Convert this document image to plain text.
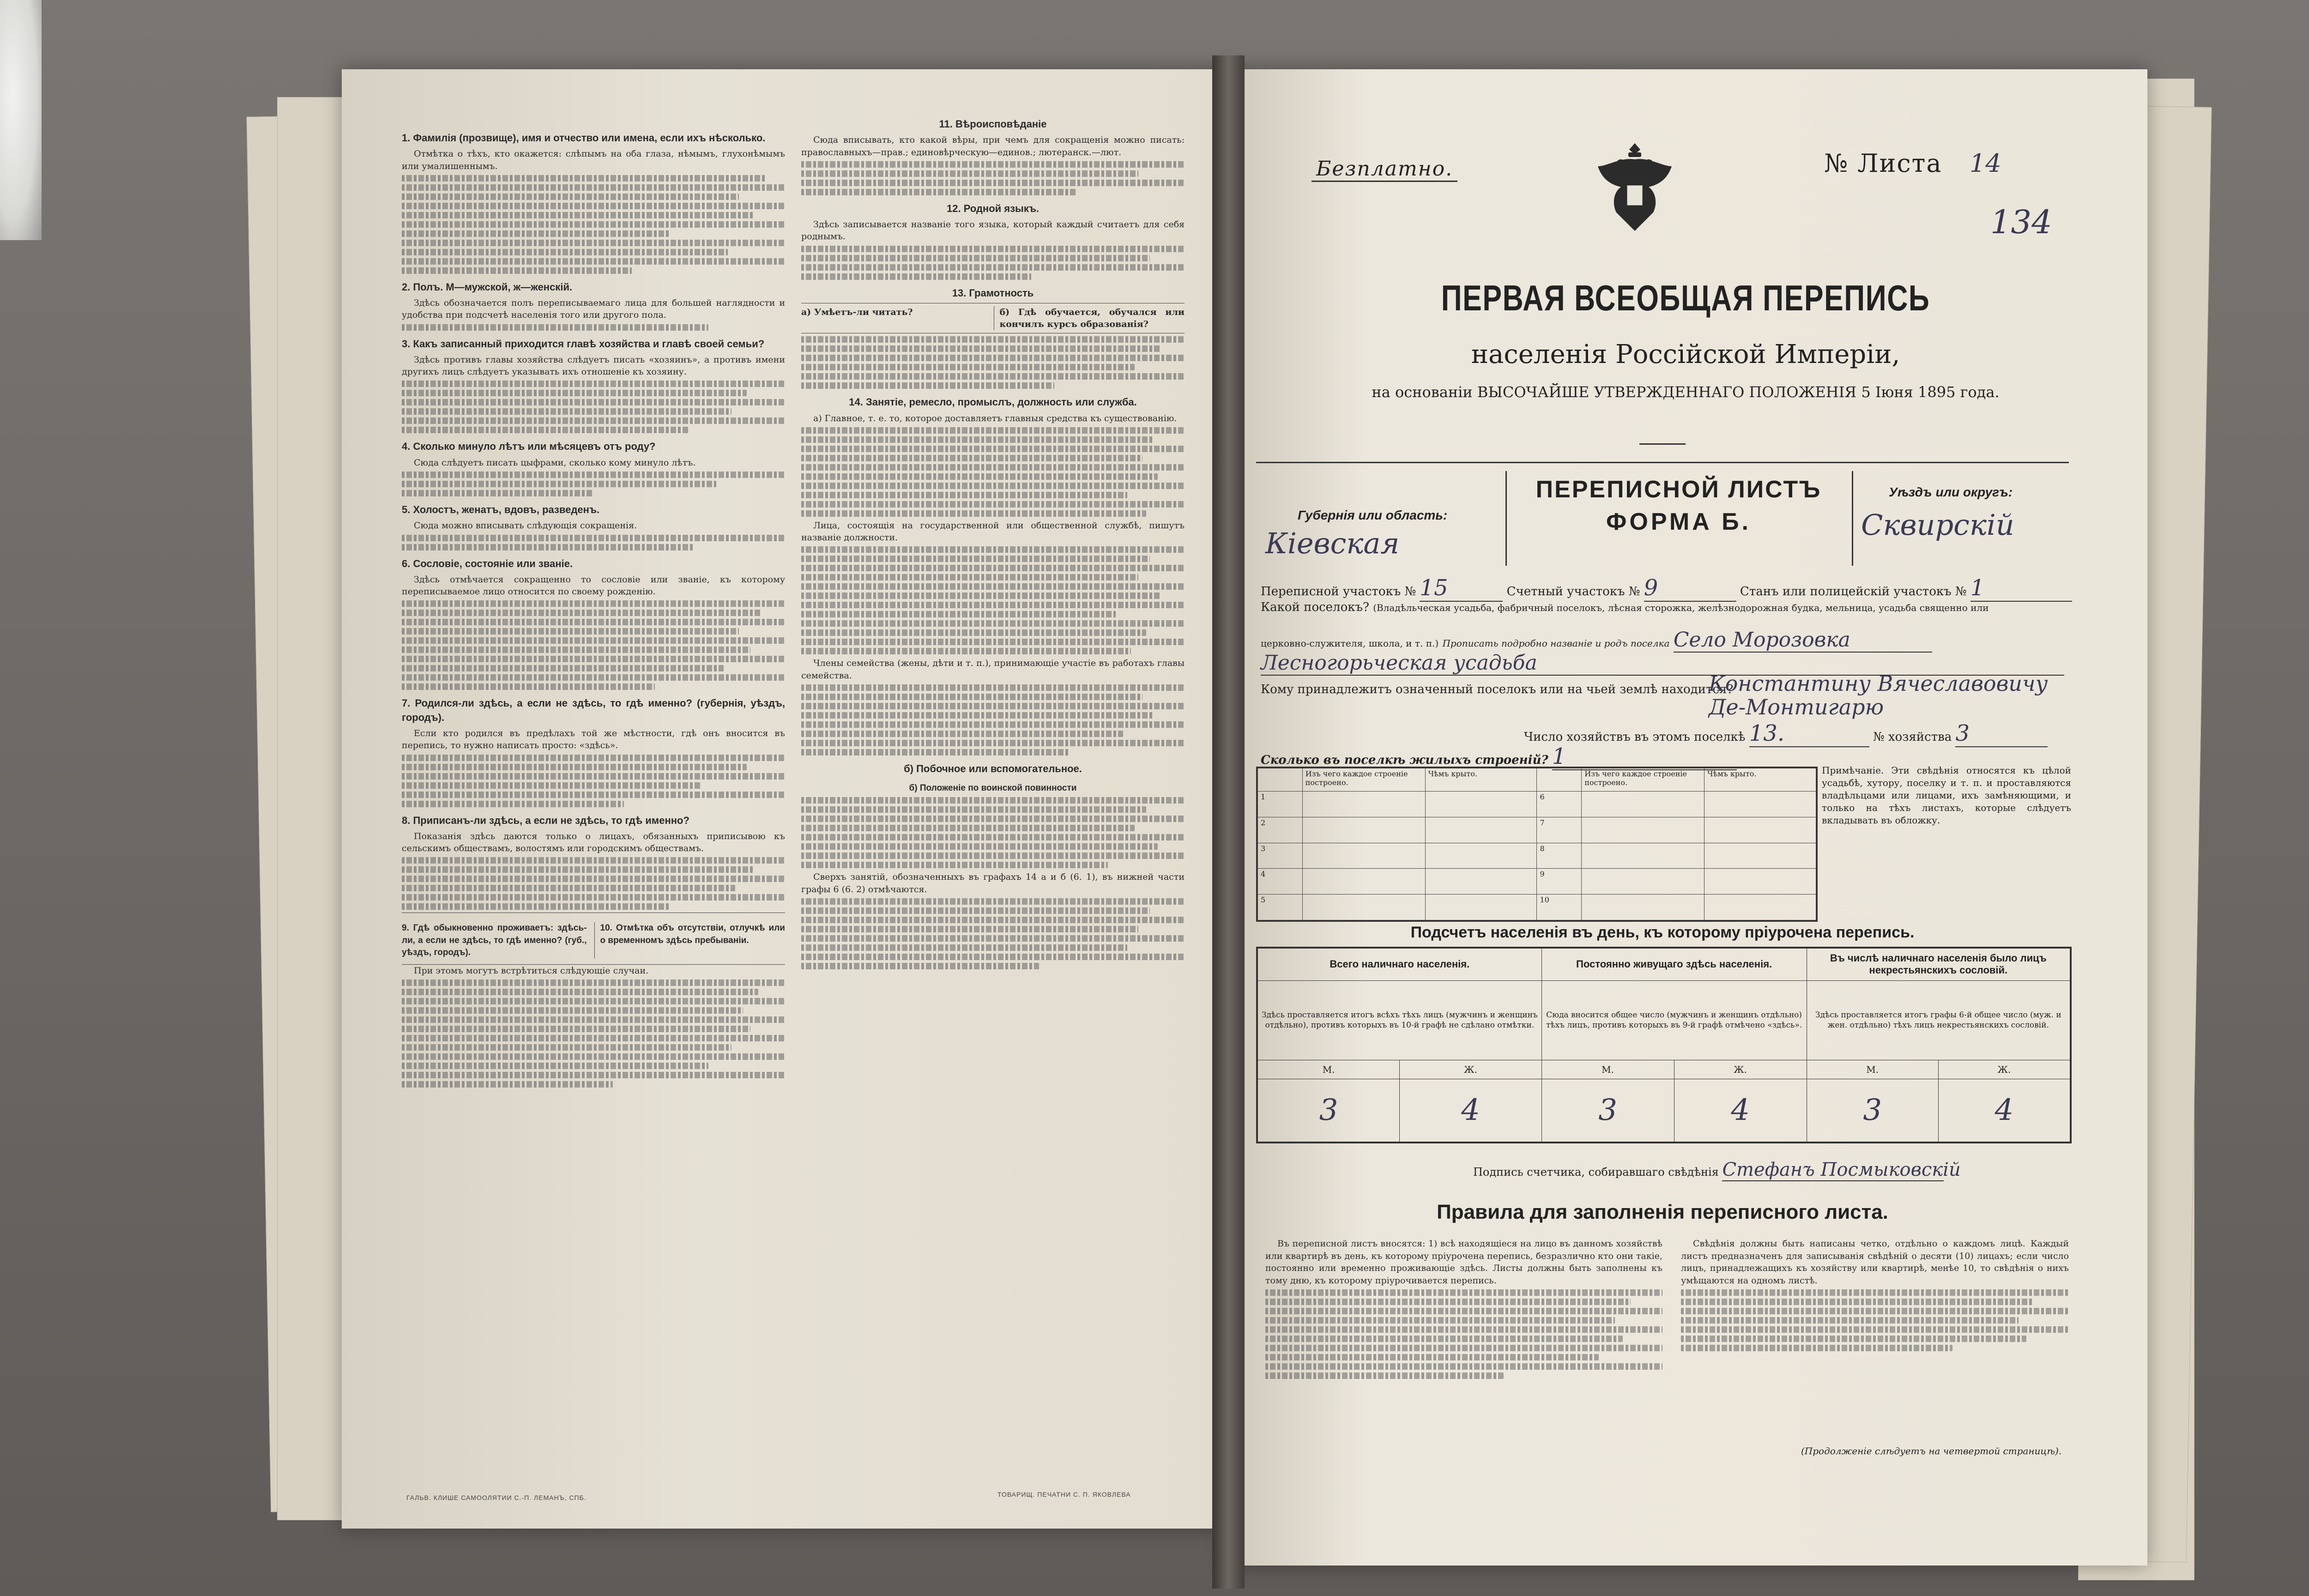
1. Фамилія (прозвище), имя и отчество или имена, если ихъ нѣсколько.

Отмѣтка о тѣхъ, кто окажется: слѣпымъ на оба глаза, нѣмымъ, глухонѣмымъ или умалишеннымъ.

2. Полъ. М—мужской, ж—женскій.

Здѣсь обозначается полъ переписываемаго лица для большей наглядности и удобства при подсчетѣ населенія того или другого пола.

3. Какъ записанный приходится главѣ хозяйства и главѣ своей семьи?

Здѣсь противъ главы хозяйства слѣдуетъ писать «хозяинъ», а противъ имени другихъ лицъ слѣдуетъ указывать ихъ отношеніе къ хозяину.

4. Сколько минуло лѣтъ или мѣсяцевъ отъ роду?

Сюда слѣдуетъ писать цыфрами, сколько кому минуло лѣтъ.

5. Холостъ, женатъ, вдовъ, разведенъ.

Сюда можно вписывать слѣдующія сокращенія.

6. Сословіе, состояніе или званіе.

Здѣсь отмѣчается сокращенно то сословіе или званіе, къ которому переписываемое лицо относится по своему рожденію.

7. Родился-ли здѣсь, а если не здѣсь, то гдѣ именно? (губернія, уѣздъ, городъ).

Если кто родился въ предѣлахъ той же мѣстности, гдѣ онъ вносится въ перепись, то нужно написать просто: «здѣсь».

8. Приписанъ-ли здѣсь, а если не здѣсь, то гдѣ именно?

Показанія здѣсь даются только о лицахъ, обязанныхъ приписывою къ сельскимъ обществамъ, волостямъ или городскимъ обществамъ.

9. Гдѣ обыкновенно проживаетъ: здѣсь-ли, а если не здѣсь, то гдѣ именно? (губ., уѣздъ, городъ).
10. Отмѣтка объ отсутствіи, отлучкѣ или о временномъ здѣсь пребываніи.

При этомъ могутъ встрѣтиться слѣдующіе случаи.

11. Вѣроисповѣданіе

Сюда вписывать, кто какой вѣры, при чемъ для сокращенія можно писать: православныхъ—прав.; единовѣрческую—единов.; лютеранск.—лют.

12. Родной языкъ.

Здѣсь записывается названіе того языка, который каждый считаетъ для себя роднымъ.

13. Грамотность
а) Умѣетъ-ли читать?	б) Гдѣ обучается, обучался или кончилъ курсъ образованія?
14. Занятіе, ремесло, промыслъ, должность или служба.

а) Главное, т. е. то, которое доставляетъ главныя средства къ существованію.

Лица, состоящія на государственной или общественной службѣ, пишутъ названіе должности.

Члены семейства (жены, дѣти и т. п.), принимающіе участіе въ работахъ главы семейства.

б) Побочное или вспомогательное.
б) Положеніе по воинской повинности

Сверхъ занятій, обозначенныхъ въ графахъ 14 а и б (6. 1), въ нижней части графы 6 (6. 2) отмѣчаются.

ГАЛЬВ. КЛИШЕ САМООЛЯТИИ С.-П. ЛЕМАНЪ, СПБ.	ТОВАРИЩ. ПЕЧАТНИ С. П. ЯКОВЛЕВА
Безплатно.	№ Листа 14
134
ПЕРВАЯ ВСЕОБЩАЯ ПЕРЕПИСЬ
населенія Россійской Имперіи,
на основаніи ВЫСОЧАЙШЕ УТВЕРЖДЕННАГО ПОЛОЖЕНІЯ 5 Іюня 1895 года.
Губернія или область:
Кіевская
ПЕРЕПИСНОЙ ЛИСТЪ
ФОРМА Б.
Уѣздъ или округъ:
Сквирскій
Переписной участокъ № 15	Счетный участокъ № 9	Станъ или полицейскій участокъ № 1
Какой поселокъ? (Владѣльческая усадьба, фабричный поселокъ, лѣсная сторожка, желѣзнодорожная будка, мельница, усадьба священно или
церковно-служителя, школа, и т. п.) Прописать подробно названіе и родъ поселка Село Морозовка
Лесногорьческая усадьба
Кому принадлежитъ означенный поселокъ или на чьей землѣ находится?
Константину Вячеславовичу Де-Монтигарю
Число хозяйствъ въ этомъ поселкѣ 13.	№ хозяйства 3
Сколько въ поселкѣ жилыхъ строеній? 1
	Изъ чего каждое строеніе построено.	Чѣмъ крыто.		Изъ чего каждое строеніе построено.	Чѣмъ крыто.
1			6		
2			7		
3			8		
4			9		
5			10		
Примѣчаніе. Эти свѣдѣнія относятся къ цѣлой усадьбѣ, хутору, поселку и т. п. и проставляются владѣльцами или лицами, ихъ замѣняющими, и только на тѣхъ листахъ, которые слѣдуетъ вкладывать въ обложку.
Подсчетъ населенія въ день, къ которому пріурочена перепись.
Всего наличнаго населенія.		Постоянно живущаго здѣсь населенія.		Въ числѣ наличнаго населенія было лицъ некрестьянскихъ сословій.	
Здѣсь проставляется итогъ всѣхъ тѣхъ лицъ (мужчинъ и женщинъ отдѣльно), противъ которыхъ въ 10-й графѣ не сдѣлано отмѣтки.		Сюда вносится общее число (мужчинъ и женщинъ отдѣльно) тѣхъ лицъ, противъ которыхъ въ 9-й графѣ отмѣчено «здѣсь».		Здѣсь проставляется итогъ графы 6-й общее число (муж. и жен. отдѣльно) тѣхъ лицъ некрестьянскихъ сословій.	
М.	Ж.	М.	Ж.	М.	Ж.
3	4	3	4	3	4
Подпись счетчика, собиравшаго свѣдѣнія Стефанъ Посмыковскій
Правила для заполненія переписного листа.

Въ переписной листъ вносятся: 1) всѣ находящіеся на лицо въ данномъ хозяйствѣ или квартирѣ въ день, къ которому пріурочена перепись, безразлично кто они такіе, постоянно или временно проживающіе здѣсь. Листы должны быть заполнены къ тому дню, къ которому пріурочивается перепись.

Свѣдѣнія должны быть написаны четко, отдѣльно о каждомъ лицѣ. Каждый листъ предназначенъ для записыванія свѣдѣній о десяти (10) лицахъ; если число лицъ, принадлежащихъ къ хозяйству или квартирѣ, менѣе 10, то свѣдѣнія о нихъ умѣщаются на одномъ листѣ.

(Продолженіе слѣдуетъ на четвертой страницѣ).
